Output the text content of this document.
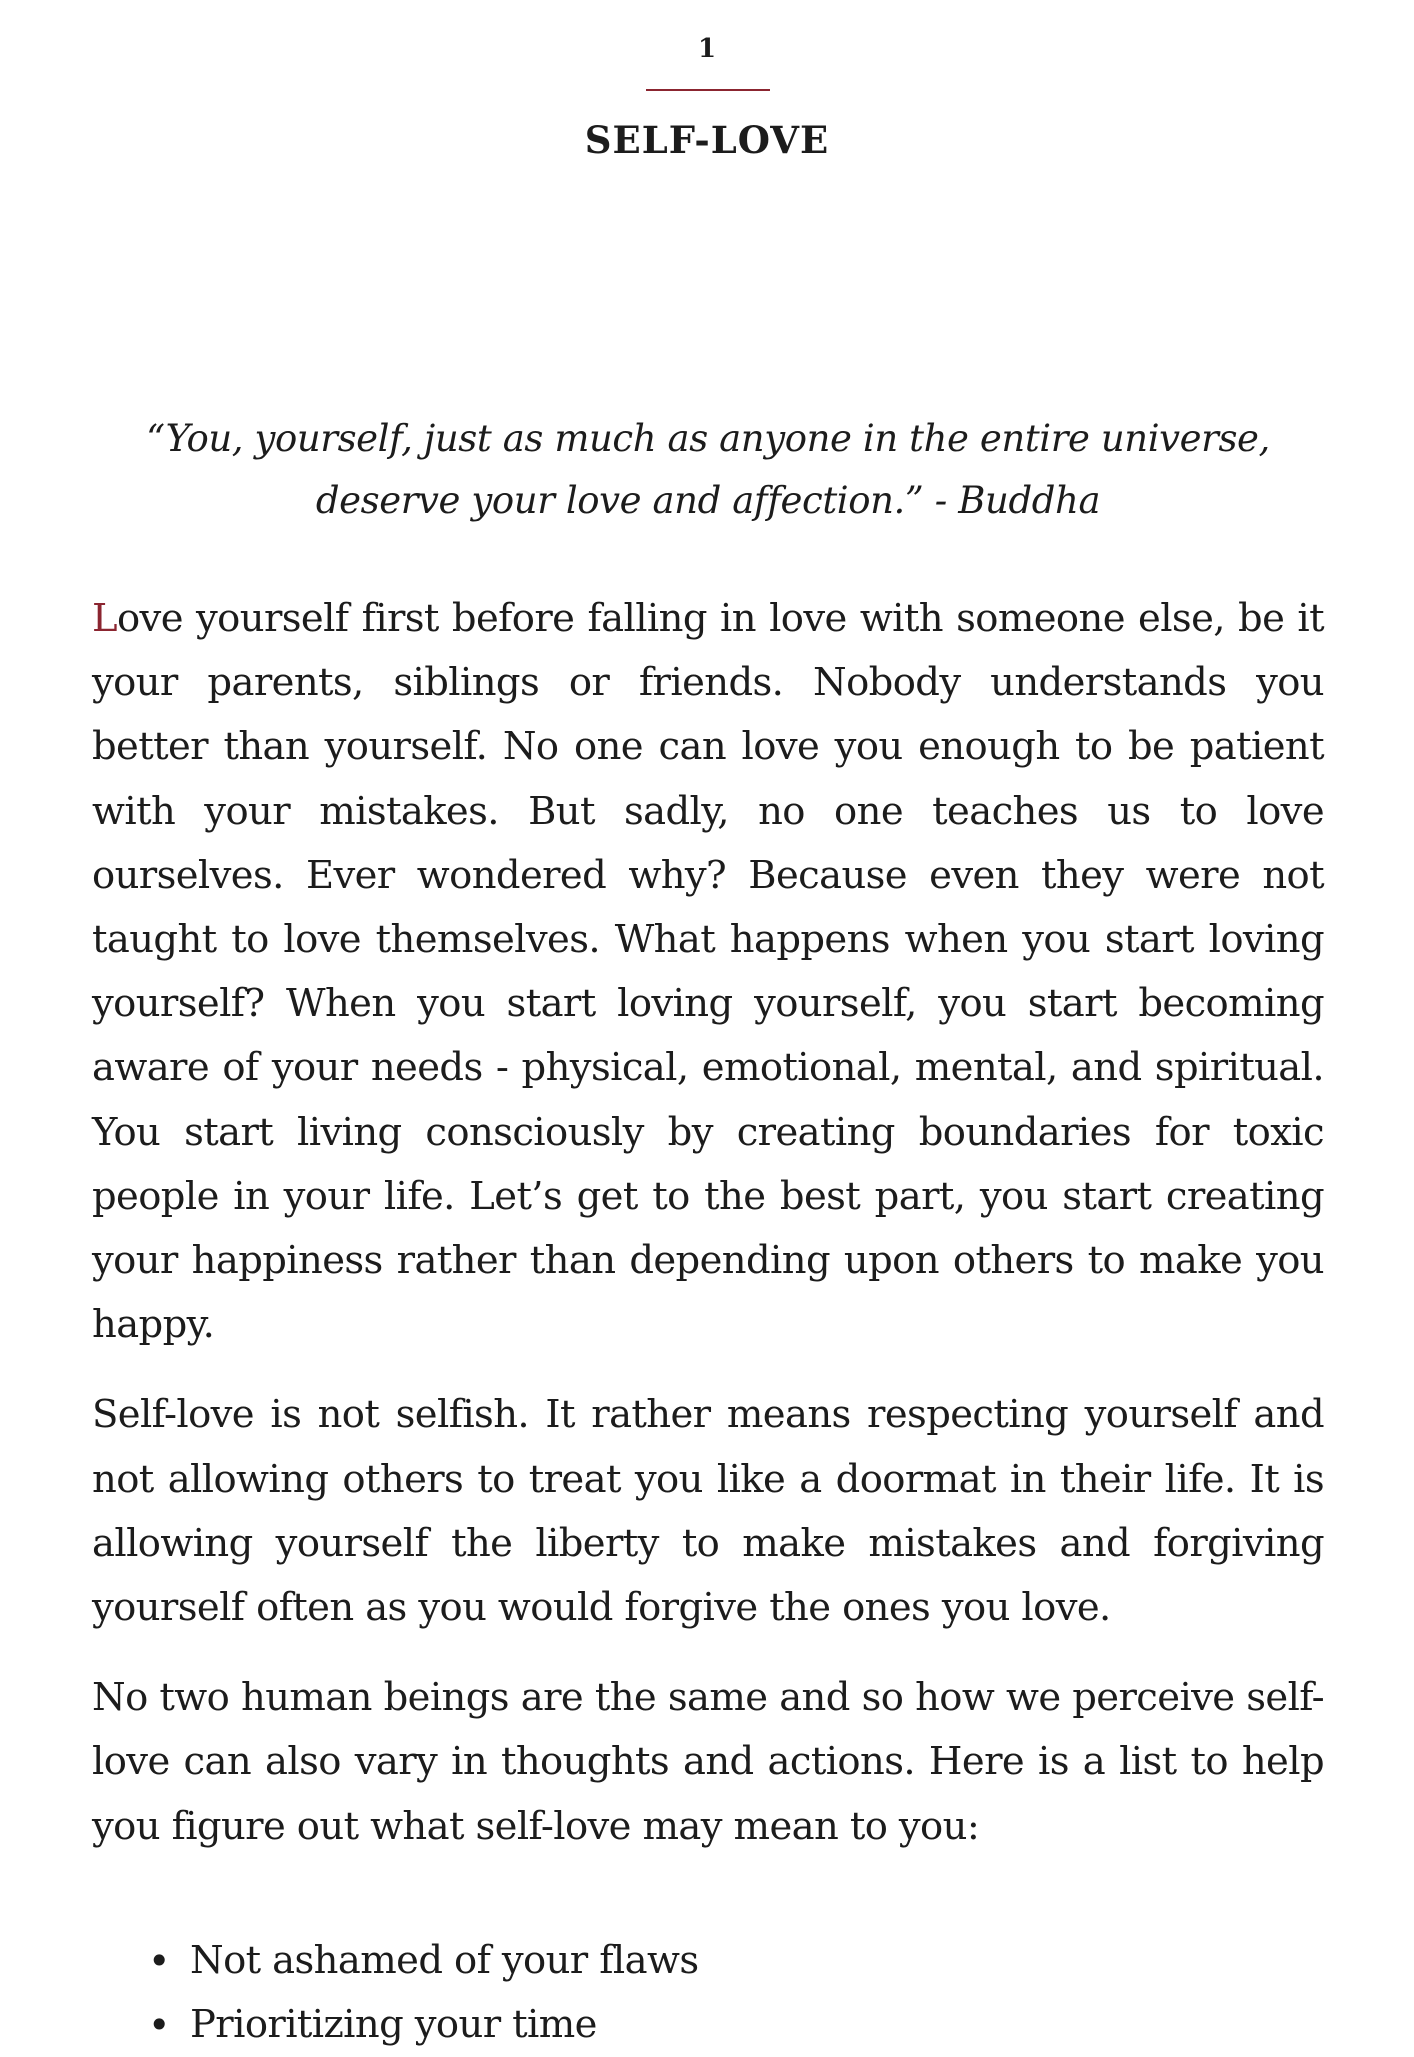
1
SELF-LOVE
“You, yourself, just as much as anyone in the entire universe, deserve your love and affection.” - Buddha

Love yourself first before falling in love with someone else, be it your parents, siblings or friends. Nobody understands you better than yourself. No one can love you enough to be patient with your mistakes. But sadly, no one teaches us to love ourselves. Ever wondered why? Because even they were not taught to love themselves. What happens when you start loving yourself? When you start loving yourself, you start becoming aware of your needs - physical, emotional, mental, and spiritual. You start living consciously by creating boundaries for toxic people in your life. Let’s get to the best part, you start creating your happiness rather than depending upon others to make you happy.

Self-love is not selfish. It rather means respecting yourself and not allowing others to treat you like a doormat in their life. It is allowing yourself the liberty to make mistakes and forgiving yourself often as you would forgive the ones you love.

No two human beings are the same and so how we perceive self-love can also vary in thoughts and actions. Here is a list to help you figure out what self-love may mean to you:

• Not ashamed of your flaws
• Prioritizing your time
